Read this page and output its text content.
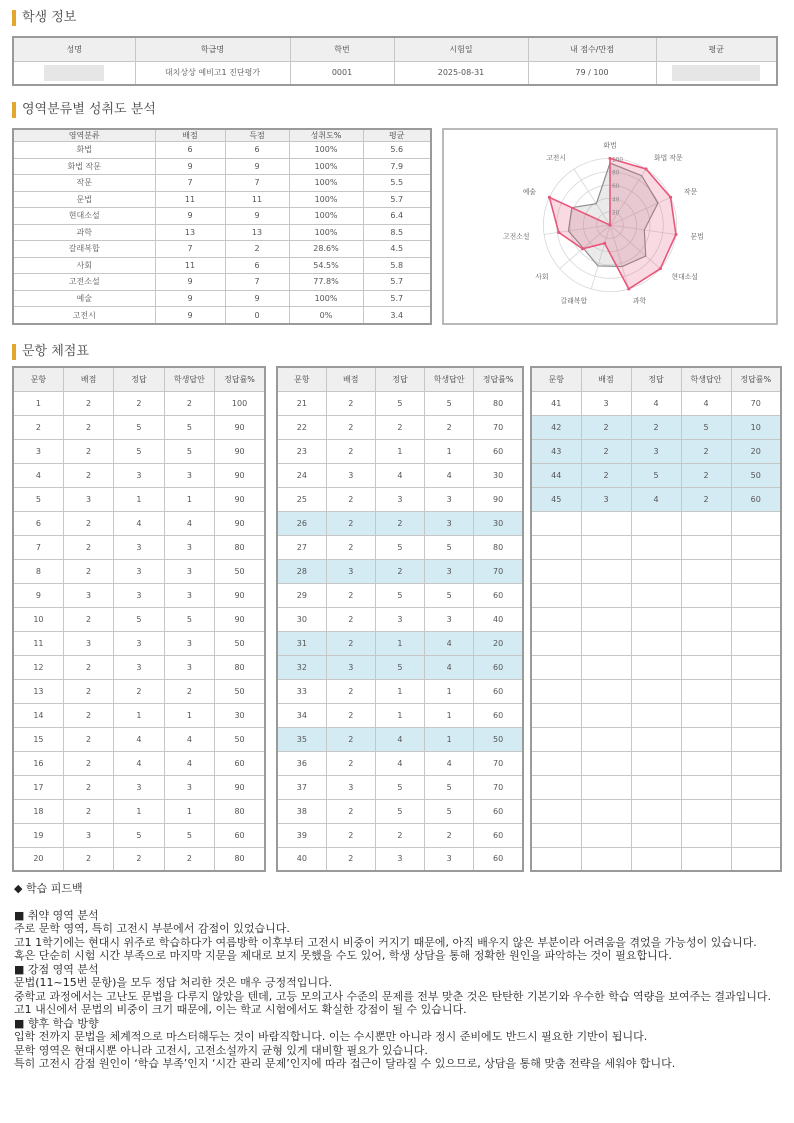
학생 정보
성명	학급명	학번	시험일	내 점수/만점	평균
	대치상상 예비고1 진단평가	0001	2025-08-31	79 / 100	
영역분류별 성취도 분석
영역분류	배점	득점	성취도%	평균
화법	6	6	100%	5.6
화법 작문	9	9	100%	7.9
작문	7	7	100%	5.5
문법	11	11	100%	5.7
현대소설	9	9	100%	6.4
과학	13	13	100%	8.5
갈래복합	7	2	28.6%	4.5
사회	11	6	54.5%	5.8
고전소설	9	7	77.8%	5.7
예술	9	9	100%	5.7
고전시	9	0	0%	3.4
20
40
60
80
100
화법
화법 작문
작문
문법
현대소설
과학
갈래복합
사회
고전소설
예술
고전시
문항 체점표
문항	배점	정답	학생답안	정답률%
1	2	2	2	100
2	2	5	5	90
3	2	5	5	90
4	2	3	3	90
5	3	1	1	90
6	2	4	4	90
7	2	3	3	80
8	2	3	3	50
9	3	3	3	90
10	2	5	5	90
11	3	3	3	50
12	2	3	3	80
13	2	2	2	50
14	2	1	1	30
15	2	4	4	50
16	2	4	4	60
17	2	3	3	90
18	2	1	1	80
19	3	5	5	60
20	2	2	2	80
문항	배점	정답	학생답안	정답률%
21	2	5	5	80
22	2	2	2	70
23	2	1	1	60
24	3	4	4	30
25	2	3	3	90
26	2	2	3	30
27	2	5	5	80
28	3	2	3	70
29	2	5	5	60
30	2	3	3	40
31	2	1	4	20
32	3	5	4	60
33	2	1	1	60
34	2	1	1	60
35	2	4	1	50
36	2	4	4	70
37	3	5	5	70
38	2	5	5	60
39	2	2	2	60
40	2	3	3	60
문항	배점	정답	학생답안	정답률%
41	3	4	4	70
42	2	2	5	10
43	2	3	2	20
44	2	5	2	50
45	3	4	2	60

◆ 학습 피드백

■ 취약 영역 분석

주로 문학 영역, 특히 고전시 부분에서 감점이 있었습니다.

고1 1학기에는 현대시 위주로 학습하다가 여름방학 이후부터 고전시 비중이 커지기 때문에, 아직 배우지 않은 부분이라 어려움을 겪었을 가능성이 있습니다.

혹은 단순히 시험 시간 부족으로 마지막 지문을 제대로 보지 못했을 수도 있어, 학생 상담을 통해 정확한 원인을 파악하는 것이 필요합니다.

■ 강점 영역 분석

문법(11~15번 문항)을 모두 정답 처리한 것은 매우 긍정적입니다.

중학교 과정에서는 고난도 문법을 다루지 않았을 텐데, 고등 모의고사 수준의 문제를 전부 맞춘 것은 탄탄한 기본기와 우수한 학습 역량을 보여주는 결과입니다.

고1 내신에서 문법의 비중이 크기 때문에, 이는 학교 시험에서도 확실한 강점이 될 수 있습니다.

■ 향후 학습 방향

입학 전까지 문법을 체계적으로 마스터해두는 것이 바람직합니다. 이는 수시뿐만 아니라 정시 준비에도 반드시 필요한 기반이 됩니다.

문학 영역은 현대시뿐 아니라 고전시, 고전소설까지 균형 있게 대비할 필요가 있습니다.

특히 고전시 감점 원인이 ‘학습 부족’인지 ‘시간 관리 문제’인지에 따라 접근이 달라질 수 있으므로, 상담을 통해 맞춤 전략을 세워야 합니다.
